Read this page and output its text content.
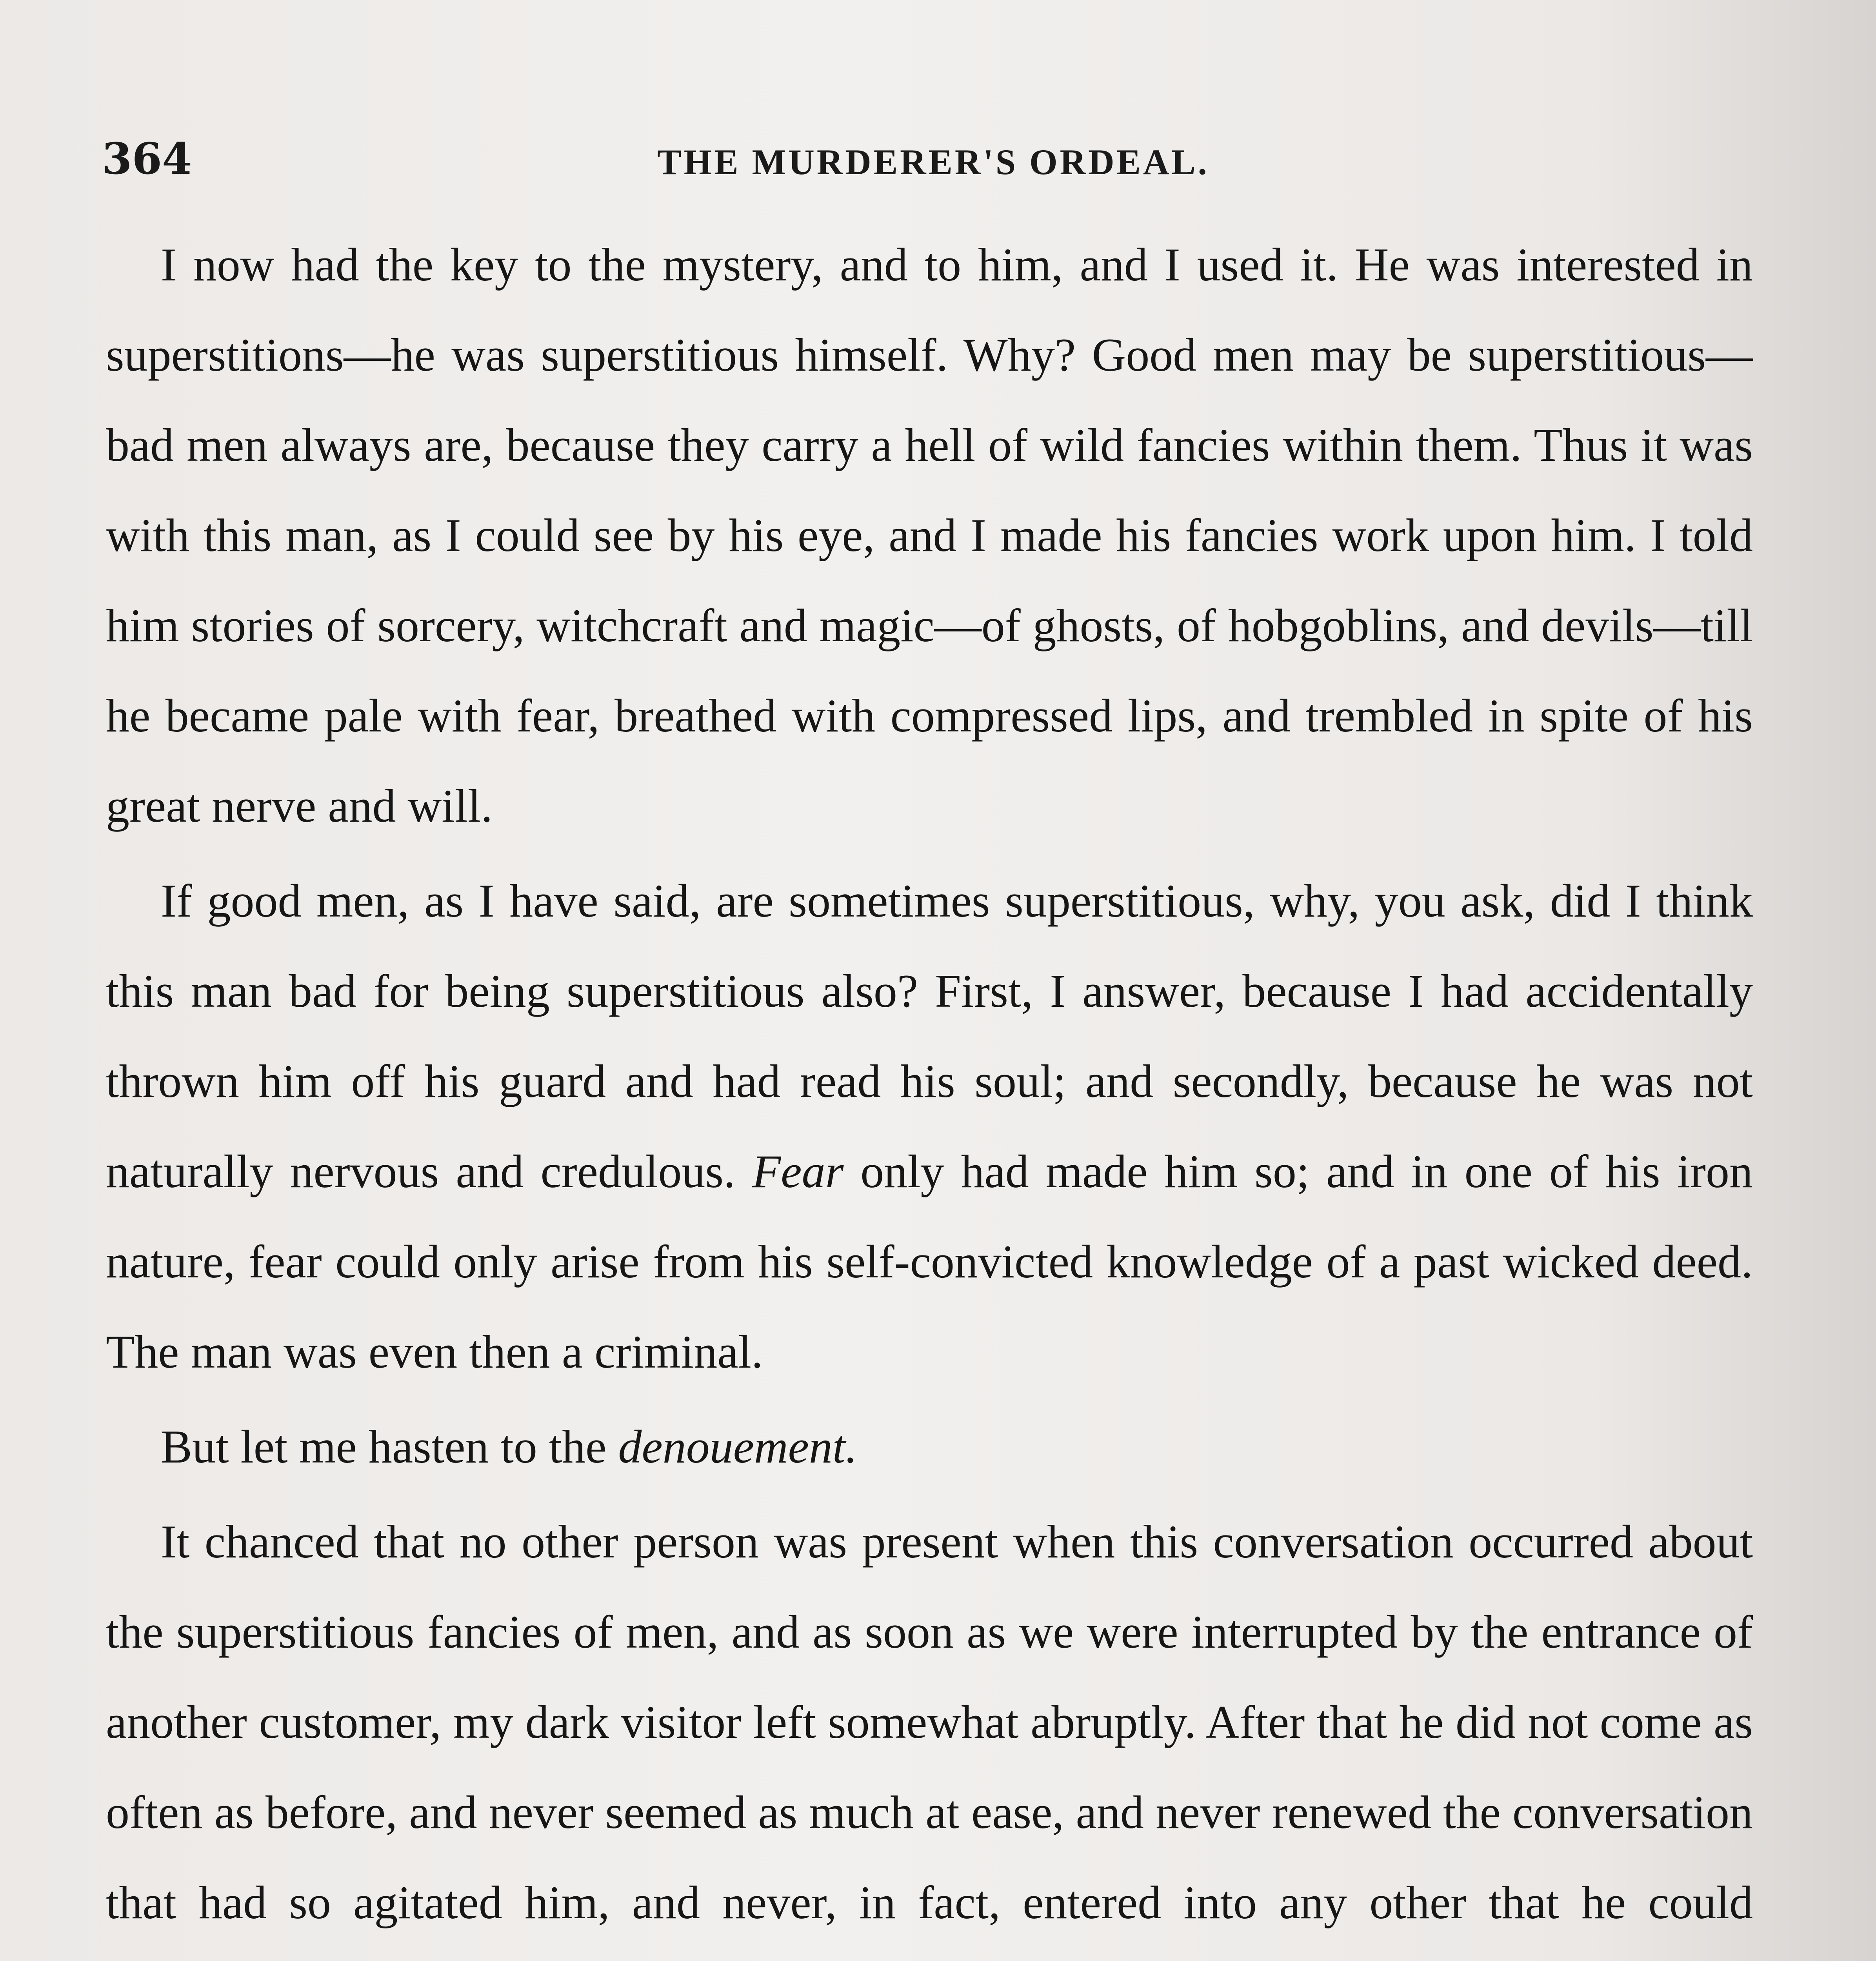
364	THE MURDERER'S ORDEAL.

I now had the key to the mystery, and to him, and I used it. He was interested in superstitions—he was superstitious himself. Why? Good men may be superstitious—bad men always are, because they carry a hell of wild fancies within them. Thus it was with this man, as I could see by his eye, and I made his fancies work upon him. I told him stories of sorcery, witchcraft and magic—of ghosts, of hobgoblins, and devils—till he became pale with fear, breathed with compressed lips, and trembled in spite of his great nerve and will.

If good men, as I have said, are sometimes superstitious, why, you ask, did I think this man bad for being superstitious also? First, I answer, because I had accidentally thrown him off his guard and had read his soul; and secondly, because he was not naturally nervous and credulous. Fear only had made him so; and in one of his iron nature, fear could only arise from his self-convicted knowledge of a past wicked deed. The man was even then a criminal.

But let me hasten to the denouement.

It chanced that no other person was present when this conversation occurred about the superstitious fancies of men, and as soon as we were interrupted by the entrance of another customer, my dark visitor left somewhat abruptly. After that he did not come as often as before, and never seemed as much at ease, and never renewed the conversation that had so agitated him, and never, in fact, entered into any other that he could
